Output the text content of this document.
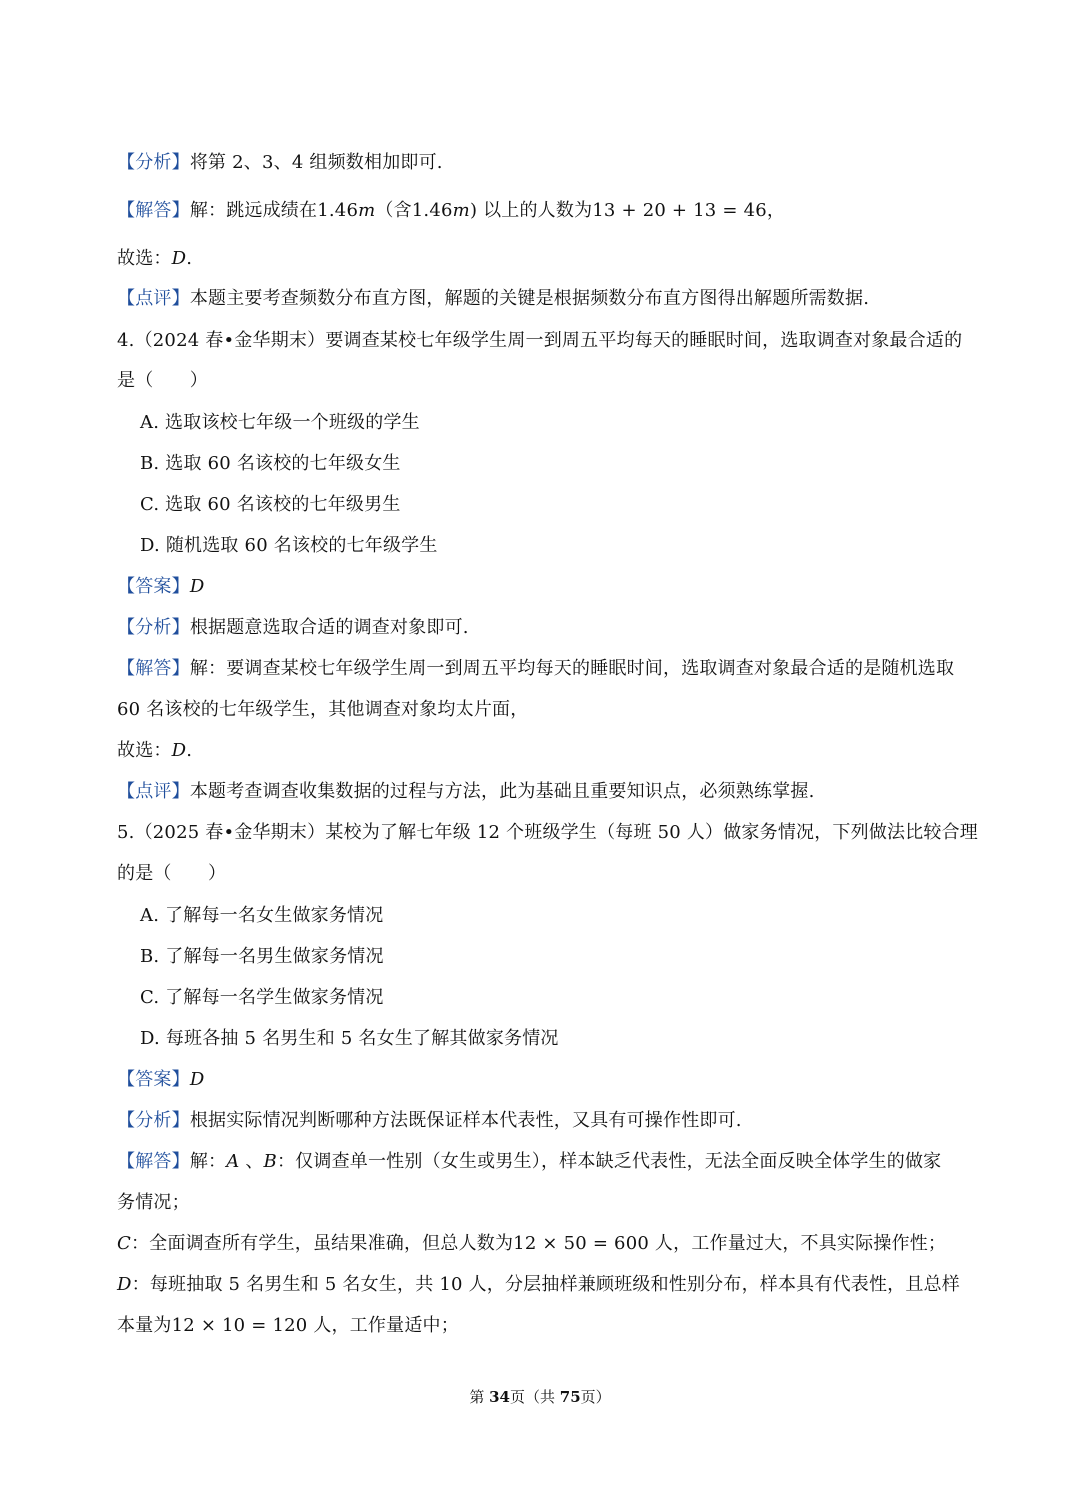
【分析】将第 2、3、4 组频数相加即可.
【解答】解：跳远成绩在1.46m（含1.46m) 以上的人数为13 + 20 + 13 = 46，
故选：D.
【点评】本题主要考查频数分布直方图，解题的关键是根据频数分布直方图得出解题所需数据.
4.（2024 春•金华期末）要调查某校七年级学生周一到周五平均每天的睡眠时间，选取调查对象最合适的
是（　　）
A. 选取该校七年级一个班级的学生
B. 选取 60 名该校的七年级女生
C. 选取 60 名该校的七年级男生
D. 随机选取 60 名该校的七年级学生
【答案】D
【分析】根据题意选取合适的调查对象即可.
【解答】解：要调查某校七年级学生周一到周五平均每天的睡眠时间，选取调查对象最合适的是随机选取
60 名该校的七年级学生，其他调查对象均太片面，
故选：D.
【点评】本题考查调查收集数据的过程与方法，此为基础且重要知识点，必须熟练掌握.
5.（2025 春•金华期末）某校为了解七年级 12 个班级学生（每班 50 人）做家务情况，下列做法比较合理
的是（　　）
A. 了解每一名女生做家务情况
B. 了解每一名男生做家务情况
C. 了解每一名学生做家务情况
D. 每班各抽 5 名男生和 5 名女生了解其做家务情况
【答案】D
【分析】根据实际情况判断哪种方法既保证样本代表性，又具有可操作性即可.
【解答】解：A 、B：仅调查单一性别（女生或男生），样本缺乏代表性，无法全面反映全体学生的做家
务情况；
C：全面调查所有学生，虽结果准确，但总人数为12 × 50 = 600 人，工作量过大，不具实际操作性；
D：每班抽取 5 名男生和 5 名女生，共 10 人，分层抽样兼顾班级和性别分布，样本具有代表性，且总样
本量为12 × 10 = 120 人，工作量适中；
第 34页（共 75页）
